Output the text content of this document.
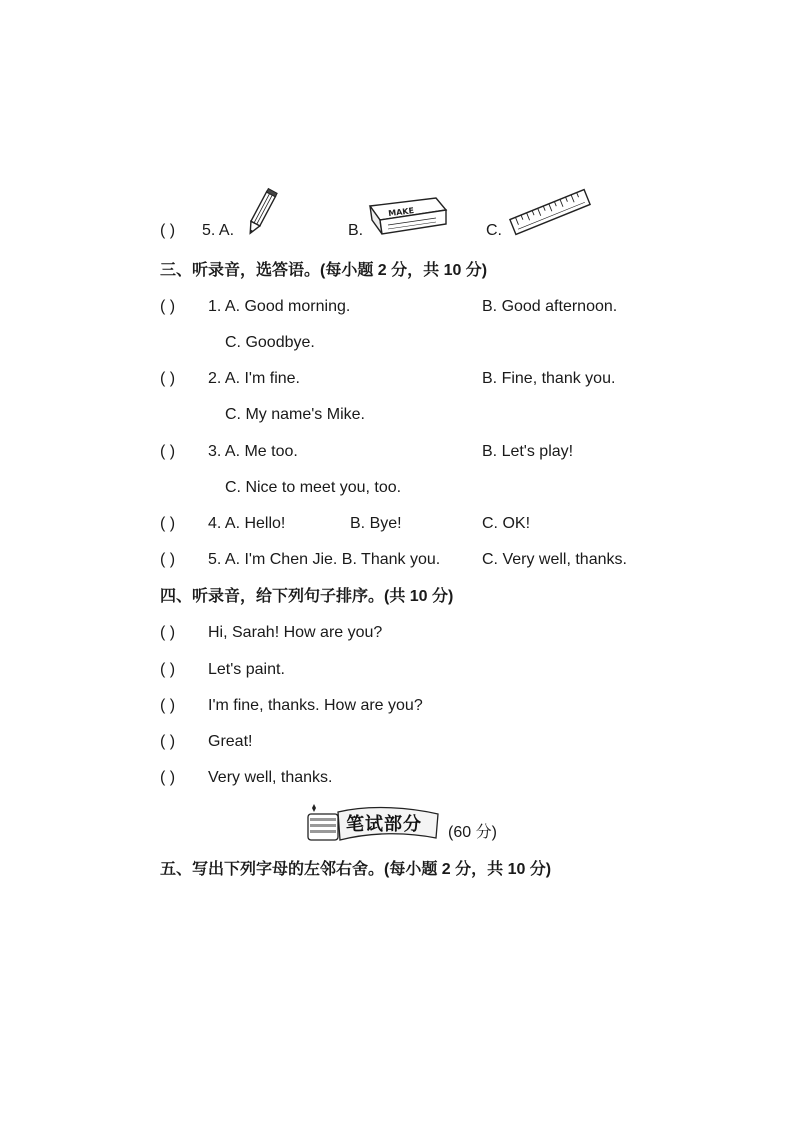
( ) 5. A.	B.
MAKE
C.
三、听录音，选答语。(每小题 2 分，共 10 分)
( ) 1. A. Good morning.	B. Good afternoon.
C. Goodbye.
( ) 2. A. I'm fine.	B. Fine, thank you.
C. My name's Mike.
( ) 3. A. Me too.	B. Let's play!
C. Nice to meet you, too.
( ) 4. A. Hello!	B. Bye!	C. OK!
( ) 5. A. I'm Chen Jie. B. Thank you.	C. Very well, thanks.
四、听录音，给下列句子排序。(共 10 分)
( ) Hi, Sarah! How are you?
( ) Let's paint.
( ) I'm fine, thanks. How are you?
( ) Great!
( ) Very well, thanks.
笔试部分 (60 分)
五、写出下列字母的左邻右舍。(每小题 2 分，共 10 分)
